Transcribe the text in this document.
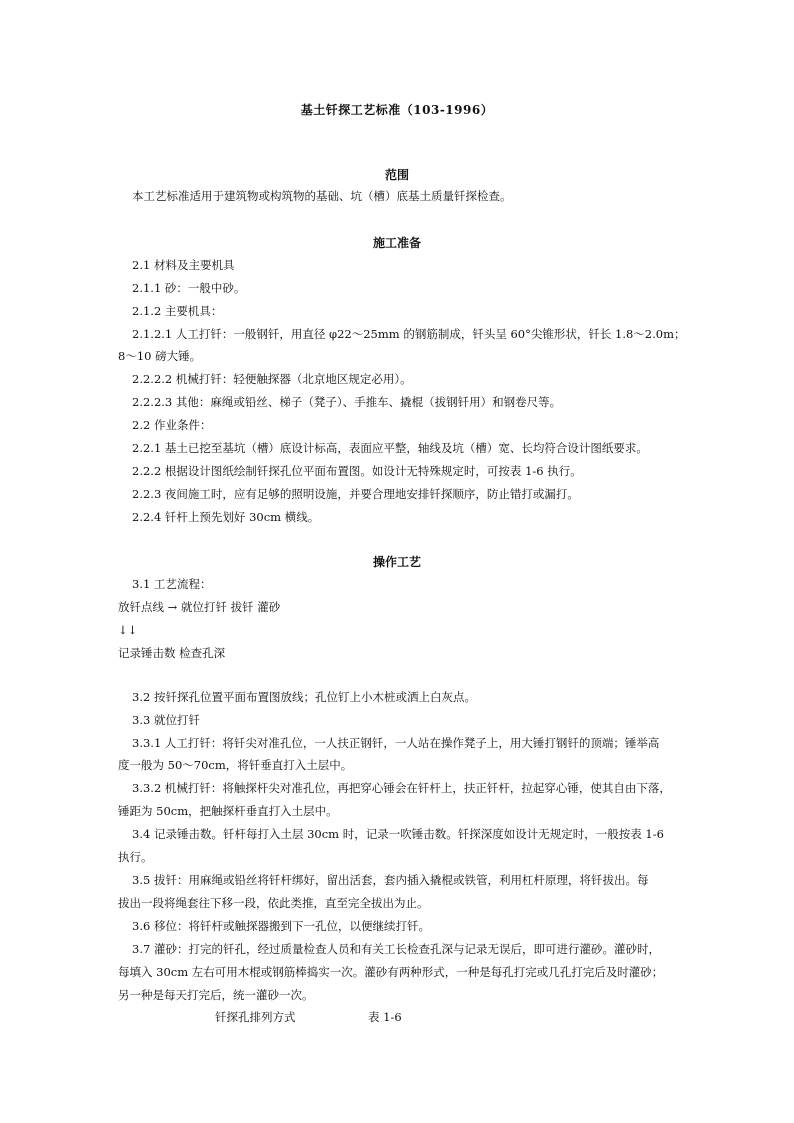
基土钎探工艺标准（103-1996）
范围
本工艺标准适用于建筑物或构筑物的基础、坑（槽）底基土质量钎探检查。
施工准备
2.1 材料及主要机具
2.1.1 砂：一般中砂。
2.1.2 主要机具：
2.1.2.1 人工打钎：一般钢钎，用直径 φ22～25mm 的钢筋制成，钎头呈 60°尖锥形状，钎长 1.8～2.0m；
8～10 磅大锤。
2.2.2.2 机械打钎：轻便触探器（北京地区规定必用）。
2.2.2.3 其他：麻绳或铅丝、梯子（凳子）、手推车、撬棍（拔钢钎用）和钢卷尺等。
2.2 作业条件：
2.2.1 基土已挖至基坑（槽）底设计标高，表面应平整，轴线及坑（槽）宽、长均符合设计图纸要求。
2.2.2 根据设计图纸绘制钎探孔位平面布置图。如设计无特殊规定时，可按表 1-6 执行。
2.2.3 夜间施工时，应有足够的照明设施，并要合理地安排钎探顺序，防止错打或漏打。
2.2.4 钎杆上预先划好 30cm 横线。
操作工艺
3.1 工艺流程：
放钎点线 → 就位打钎 拔钎 灌砂
↓↓
记录锤击数 检查孔深
3.2 按钎探孔位置平面布置图放线；孔位钉上小木桩或洒上白灰点。
3.3 就位打钎
3.3.1 人工打钎：将钎尖对准孔位，一人扶正钢钎，一人站在操作凳子上，用大锤打钢钎的顶端；锤举高
度一般为 50～70cm，将钎垂直打入土层中。
3.3.2 机械打钎：将触探杆尖对准孔位，再把穿心锤会在钎杆上，扶正钎杆，拉起穿心锤，使其自由下落，
锤距为 50cm，把触探杆垂直打入土层中。
3.4 记录锤击数。钎杆每打入土层 30cm 时，记录一吹锤击数。钎探深度如设计无规定时，一般按表 1-6
执行。
3.5 拔钎：用麻绳或铅丝将钎杆绑好，留出活套，套内插入撬棍或铁管，利用杠杆原理，将钎拔出。每
拔出一段将绳套往下移一段，依此类推，直至完全拔出为止。
3.6 移位：将钎杆或触探器搬到下一孔位，以便继续打钎。
3.7 灌砂：打完的钎孔，经过质量检查人员和有关工长检查孔深与记录无误后，即可进行灌砂。灌砂时，
每填入 30cm 左右可用木棍或钢筋棒捣实一次。灌砂有两种形式，一种是每孔打完或几孔打完后及时灌砂；
另一种是每天打完后，统一灌砂一次。
钎探孔排列方式	表 1-6
